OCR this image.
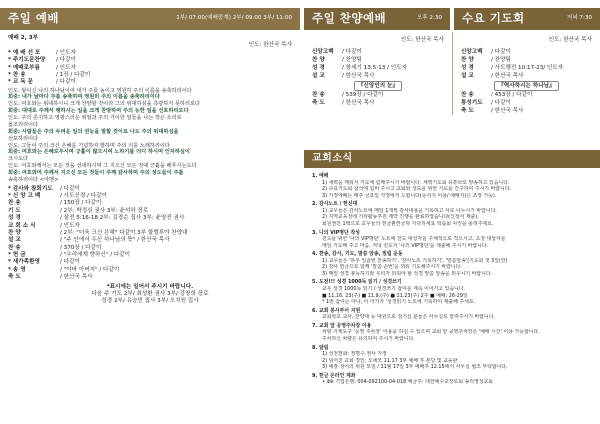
주일 예배	1부/ 07:00(예배중계) 2부/ 09:00 3부/ 11:00
예배 2, 3부
인도: 한산국 목사
* 예 배 선 포	/ 인도자
* 주기도문찬양	/ 다같이
* 예배로부름	/ 인도자
* 찬 송	/ 1장 / 다같이
* 교 독 문	/ 다같이
인도: 왕이신 나의 하나님이여 내가 주를 높이고 영원히 주의 이름을 송축하리이다
회중: 내가 날마다 주를 송축하며 영원히 주의 이름을 송축하리이다
인도: 여호와는 위대하시니 크게 찬양할 것이라 그의 위대하심을 측량하지 못하리로다
회중: 대대로 주께서 행하시는 일을 크게 찬양하며 주의 능한 일을 선포하리로다
인도: 주의 존귀하고 영광스러운 위엄과 주의 기이한 일들을 나는 작은 소리로
읊조리리이다
회중: 사람들은 주의 두려운 일의 권능을 말할 것이요 나도 주의 위대하심을
선포하리이다
인도: 그들이 주의 크신 은혜를 기념하여 말하며 주의 의를 노래하리이다
회중: 여호와는 은혜로우시며 긍휼이 많으시며 노하기를 더디 하시며 인자하심이
크시도다
인도: 여호와께서는 모든 것을 선대하시며 그 지으신 모든 것에 긍휼을 베푸시는도다
회중: 여호와여 주께서 지으신 모든 것들이 주께 감사하며 주의 성도들이 주를
송축하리이다 <아멘>
* 감사와 참회기도	/ 다같이
* 신 앙 고 백	/ 사도신경 / 다같이
찬 송	/ 150장 / 다같이
기 도	/ 2부: 박정심 권사 3부: 윤석하 장로
성 경	/ 살전 5:16-18 2부: 김경순 집사 3부: 윤양진 권사
교 회 소 식	/ 인도자
찬 양	/ 2부: "더욱 크신 은혜" 다같이 3부 할렐루야 찬양대
설 교	/ "주 안에서 우신 하나님의 뜻" / 한산국 목사
찬 송	/ 370장 / 다같이
* 헌 금	/ "우리에게 향하신" / 다같이
* 새가족환영	/ 다같이
* 송 영	/ "아바 아버지" / 다같이
축 도	/ 한산국 목사
*표시에는 일어서 주시기 바랍니다.
다음 주 기도 2부/ 최성환 권사 3부/ 강창희 장로
성경 2부/ 유승민 집사 3부/ 오치원 집사
주일 찬양예배	오후 2:30 수요 기도회	저녁 7:30
인도: 한산국 목사
신앙고백	/ 다같이
찬 양	/ 찬양팀
성 경	/ 창세기 13:5-13 / 인도자
설 교	/ 한산국 목사
『신앙인의 눈』
찬 송	/ 539장 / 다같이
축 도	/ 한산국 목사
인도: 한산국 목사
신앙고백	/ 다같이
찬 양	/ 찬양팀
성 경	/ 사도행전 10:17-23/ 인도자
설 교	/ 한산국 목사
『역사하시는 하나님』
찬 송	/ 453장 / 다같이
통성기도	/ 다같이
축 도	/ 한산국 목사
교회소식
1. 예배
1) 새벽을 깨워서 기도에 함께주시기 바랍니다. 새벽기도회 유튜브로 방송하고 있습니다.
2) 수요기도회 참석에 힘써 주시고 교회와 성도를 위한 기도를 간구하여 주시기 바랍니다.
3) 가정에배는 매주 금요일 가정에서 드립니다(순서지 이용/ 예배지)은 조장 가능).
2. 감사노트 / 헌신대
1) 교우들은 감사노트에 매일 1개씩 감사내용을 기록하고 서로 나누시기 바랍니다.
2) 지역교육청에 기타활동후원 계약 진행을 완료하였습니다(신청서 제출).
회원권진 1백으로 교우들의 헌금환헌금하 기다리세요 학습회 사진을 올려주세요.
3. 나의 VIP명단 작성
전도를 위한 '나의 VIP명단' 노트에 전도 대상자를 구체적으로 적으시고, 초청 대상자를
매일 기도해 주고 마음, 저녁 전도지 '나의 VIP명단'을 제출해 주시기 바랍니다.
4. 찬송, 감사, 기도, 말씀 암송, 빌립 운동
1) 교우들은 '하루 일곱번 찬송하기', '감사노트 기록하기', '말씀암송'(기도회 첫 3일(한)
2) 감사 헌금으로 함께 '말씀 순번'을 외워 기도해주시기 바랍니다.
3) 매일 성경 봉독하기와 우리가 외워야 할 성경 말씀 암송을 외우시기 바랍니다.
5. 도전!!! 성경 1000독 읽기 / 성경쓰기
교우 성경 1000독 읽기 / 성경쓰기 참여를 계속 이어가고 있습니다.
■ 11.16. 23(주) ■ 11.9.(주) ■ 11.23(주) 2주 ■ 예배: 26-29일
* 1번 참여는 아나, 이 아기가 '성경읽기 노트에 기록하여 제출해 주세요.
6. 교회 봉사부서 지원
교회학교 교사, 찬양대 등 대원으로 섬기실 분들은 사무실로 알려주시기 바랍니다.
7. 교회 앞 공영주차장 이용
차량 기계도구 '공영 주차장' 이용을 하실 수 있으며 교회 앞 공영주차장은 '예배 시간' 이용 가능합니다.
주차하신 차량은 유의하여 주시기 바랍니다.
8. 알림
1) 성전헌화: 정명수 권사 가정
2) 넘어진 교회 경인: 오세모 11.17 3부 예배 후 본당 및 교육관
3) 예장 청어의 위원 모임 / 11월 17일 3부 예배후 12.15에서 사무실 협조 부탁합니다.
9. 헌금 온라인 계좌
• ibk 기업은행: 004-092100-04-018 예금주: 대한예수교장로회 송리영성교회
